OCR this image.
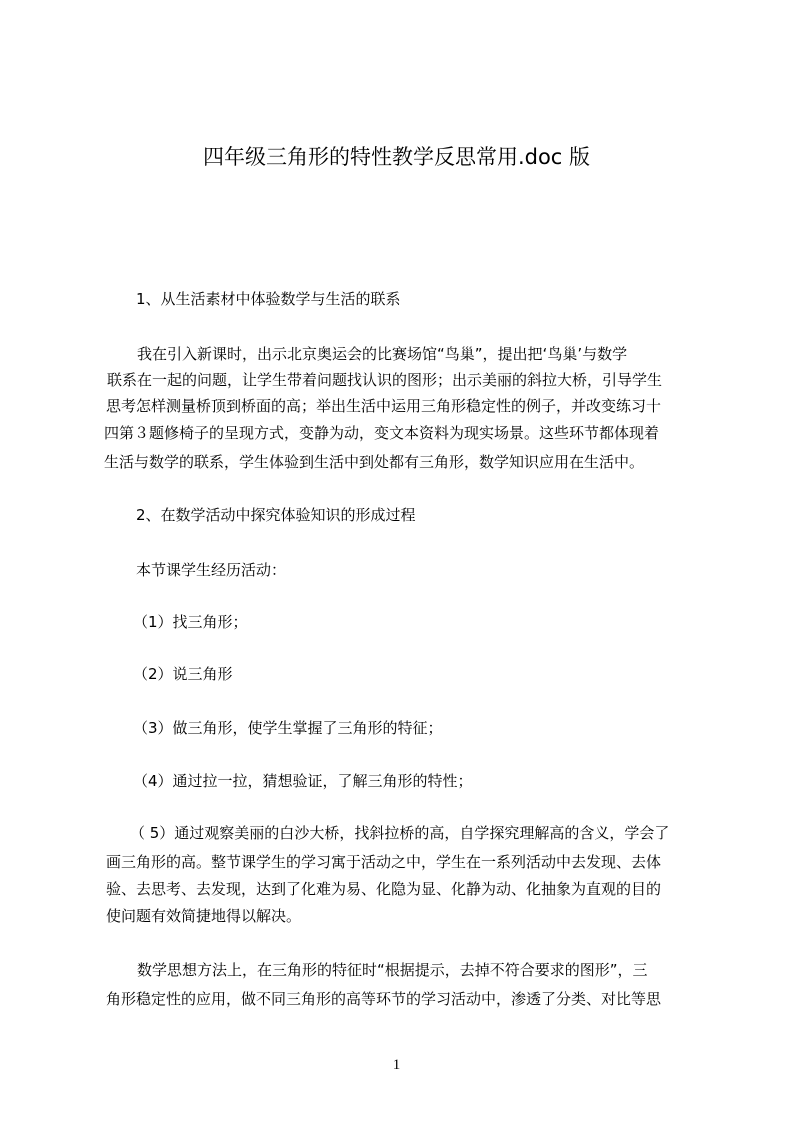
四年级三角形的特性教学反思常用.doc 版
1、从生活素材中体验数学与生活的联系
我在引入新课时，出示北京奥运会的比赛场馆“鸟巢”，提出把‘鸟巢’与数学
联系在一起的问题，让学生带着问题找认识的图形；出示美丽的斜拉大桥，引导学生
思考怎样测量桥顶到桥面的高；举出生活中运用三角形稳定性的例子，并改变练习十
四第３题修椅子的呈现方式，变静为动，变文本资料为现实场景。这些环节都体现着
生活与数学的联系，学生体验到生活中到处都有三角形，数学知识应用在生活中。
2、在数学活动中探究体验知识的形成过程
本节课学生经历活动：
（1）找三角形；
（2）说三角形
（3）做三角形，使学生掌握了三角形的特征；
（4）通过拉一拉，猜想验证，了解三角形的特性；
（ 5）通过观察美丽的白沙大桥，找斜拉桥的高，自学探究理解高的含义，学会了
画三角形的高。整节课学生的学习寓于活动之中，学生在一系列活动中去发现、去体
验、去思考、去发现，达到了化难为易、化隐为显、化静为动、化抽象为直观的目的
使问题有效简捷地得以解决。
数学思想方法上，在三角形的特征时“根据提示，去掉不符合要求的图形”，三
角形稳定性的应用，做不同三角形的高等环节的学习活动中，渗透了分类、对比等思
1
